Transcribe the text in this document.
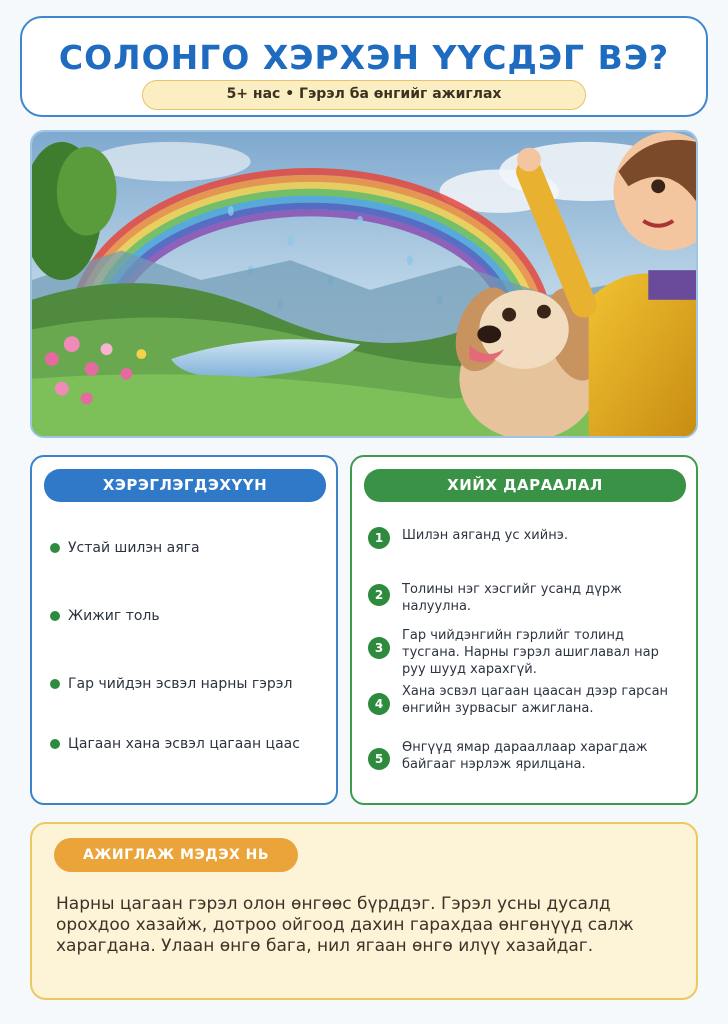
СОЛОНГО ХЭРХЭН ҮҮСДЭГ ВЭ?
5+ нас • Гэрэл ба өнгийг ажиглах
ХЭРЭГЛЭГДЭХҮҮН
Устай шилэн аяга
Жижиг толь
Гар чийдэн эсвэл нарны гэрэл
Цагаан хана эсвэл цагаан цаас
ХИЙХ ДАРААЛАЛ
1	Шилэн аяганд ус хийнэ.
2	Толины нэг хэсгийг усанд дүрж налуулна.
3
Гар чийдэнгийн гэрлийг толинд тусгана. Нарны гэрэл ашиглавал нар руу шууд харахгүй.
4
Хана эсвэл цагаан цаасан дээр гарсан өнгийн зурвасыг ажиглана.
5
Өнгүүд ямар дарааллаар харагдаж байгааг нэрлэж ярилцана.
АЖИГЛАЖ МЭДЭХ НЬ
Нарны цагаан гэрэл олон өнгөөс бүрддэг. Гэрэл усны дусалд орохдоо хазайж, дотроо ойгоод дахин гарахдаа өнгөнүүд салж харагдана. Улаан өнгө бага, нил ягаан өнгө илүү хазайдаг.
